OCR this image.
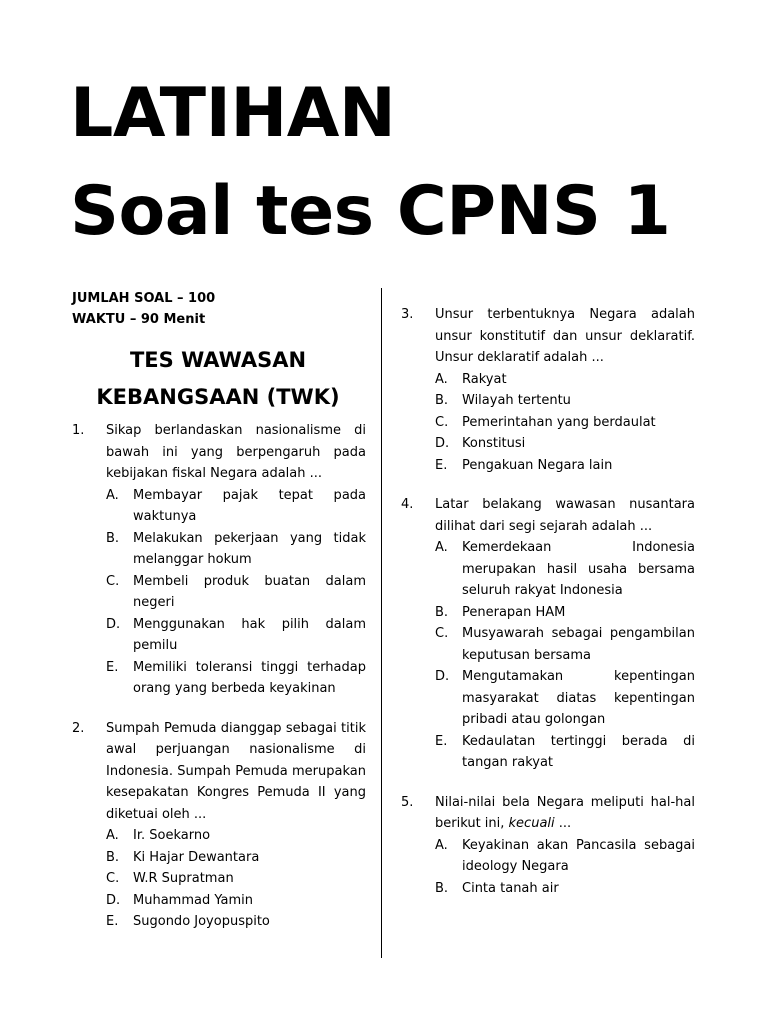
LATIHAN
Soal tes CPNS 1
JUMLAH SOAL – 100
WAKTU – 90 Menit
TES WAWASAN
KEBANGSAAN (TWK)
1.	Sikap berlandaskan nasionalisme di bawah ini yang berpengaruh pada kebijakan fiskal Negara adalah ...
A.	Membayar pajak tepat pada waktunya
B.	Melakukan pekerjaan yang tidak melanggar hokum
C.	Membeli produk buatan dalam negeri
D. Menggunakan hak pilih dalam pemilu
E.	Memiliki toleransi tinggi terhadap orang yang berbeda keyakinan
2.	Sumpah Pemuda dianggap sebagai titik awal perjuangan nasionalisme di Indonesia. Sumpah Pemuda merupakan kesepakatan Kongres Pemuda II yang diketuai oleh ...
A.	Ir. Soekarno
B.	Ki Hajar Dewantara
C.	W.R Supratman
D. Muhammad Yamin
E.	Sugondo Joyopuspito
3.	Unsur terbentuknya Negara adalah unsur konstitutif dan unsur deklaratif. Unsur deklaratif adalah ...
A.	Rakyat
B.	Wilayah tertentu
C.	Pemerintahan yang berdaulat
D. Konstitusi
E.	Pengakuan Negara lain
4.	Latar belakang wawasan nusantara dilihat dari segi sejarah adalah ...
A.	Kemerdekaan Indonesia merupakan hasil usaha bersama seluruh rakyat Indonesia
B.	Penerapan HAM
C.	Musyawarah sebagai pengambilan keputusan bersama
D. Mengutamakan kepentingan masyarakat diatas kepentingan pribadi atau golongan
E.	Kedaulatan tertinggi berada di tangan rakyat
5.	Nilai-nilai bela Negara meliputi hal-hal berikut ini, kecuali ...
A.	Keyakinan akan Pancasila sebagai ideology Negara
B.	Cinta tanah air
